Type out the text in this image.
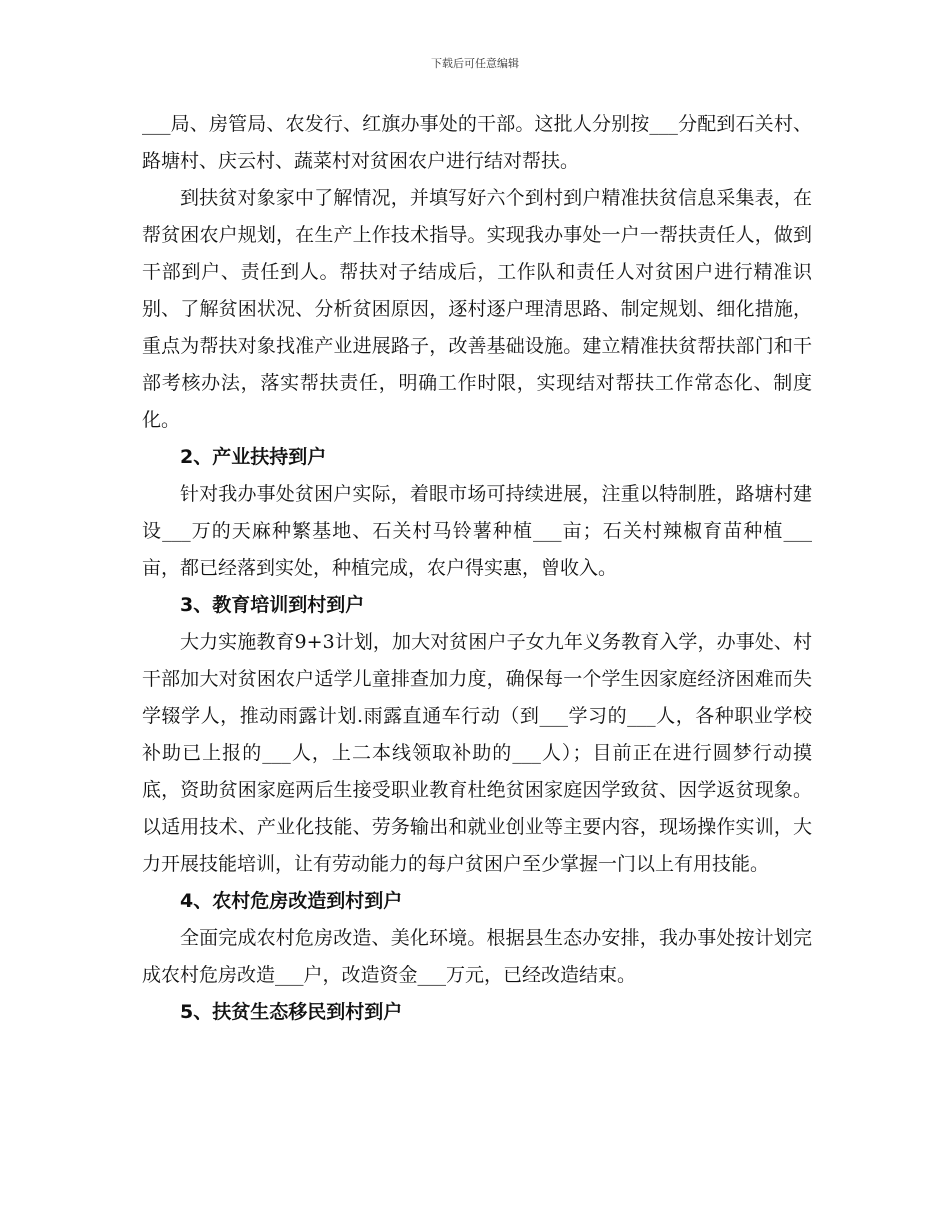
下载后可任意编辑

___局、房管局、农发行、红旗办事处的干部。这批人分别按___分配到石关村、路塘村、庆云村、蔬菜村对贫困农户进行结对帮扶。

到扶贫对象家中了解情况，并填写好六个到村到户精准扶贫信息采集表，在帮贫困农户规划，在生产上作技术指导。实现我办事处一户一帮扶责任人，做到干部到户、责任到人。帮扶对子结成后，工作队和责任人对贫困户进行精准识别、了解贫困状况、分析贫困原因，逐村逐户理清思路、制定规划、细化措施，重点为帮扶对象找准产业进展路子，改善基础设施。建立精准扶贫帮扶部门和干部考核办法，落实帮扶责任，明确工作时限，实现结对帮扶工作常态化、制度化。

2、产业扶持到户

针对我办事处贫困户实际，着眼市场可持续进展，注重以特制胜，路塘村建设___万的天麻种繁基地、石关村马铃薯种植___亩；石关村辣椒育苗种植___亩，都已经落到实处，种植完成，农户得实惠，曾收入。

3、教育培训到村到户

大力实施教育9+3计划，加大对贫困户子女九年义务教育入学，办事处、村干部加大对贫困农户适学儿童排查加力度，确保每一个学生因家庭经济困难而失学辍学人，推动雨露计划.雨露直通车行动（到___学习的___人，各种职业学校补助已上报的___人，上二本线领取补助的___人）；目前正在进行圆梦行动摸底，资助贫困家庭两后生接受职业教育杜绝贫困家庭因学致贫、因学返贫现象。以适用技术、产业化技能、劳务输出和就业创业等主要内容，现场操作实训，大力开展技能培训，让有劳动能力的每户贫困户至少掌握一门以上有用技能。

4、农村危房改造到村到户

全面完成农村危房改造、美化环境。根据县生态办安排，我办事处按计划完成农村危房改造___户，改造资金___万元，已经改造结束。

5、扶贫生态移民到村到户
